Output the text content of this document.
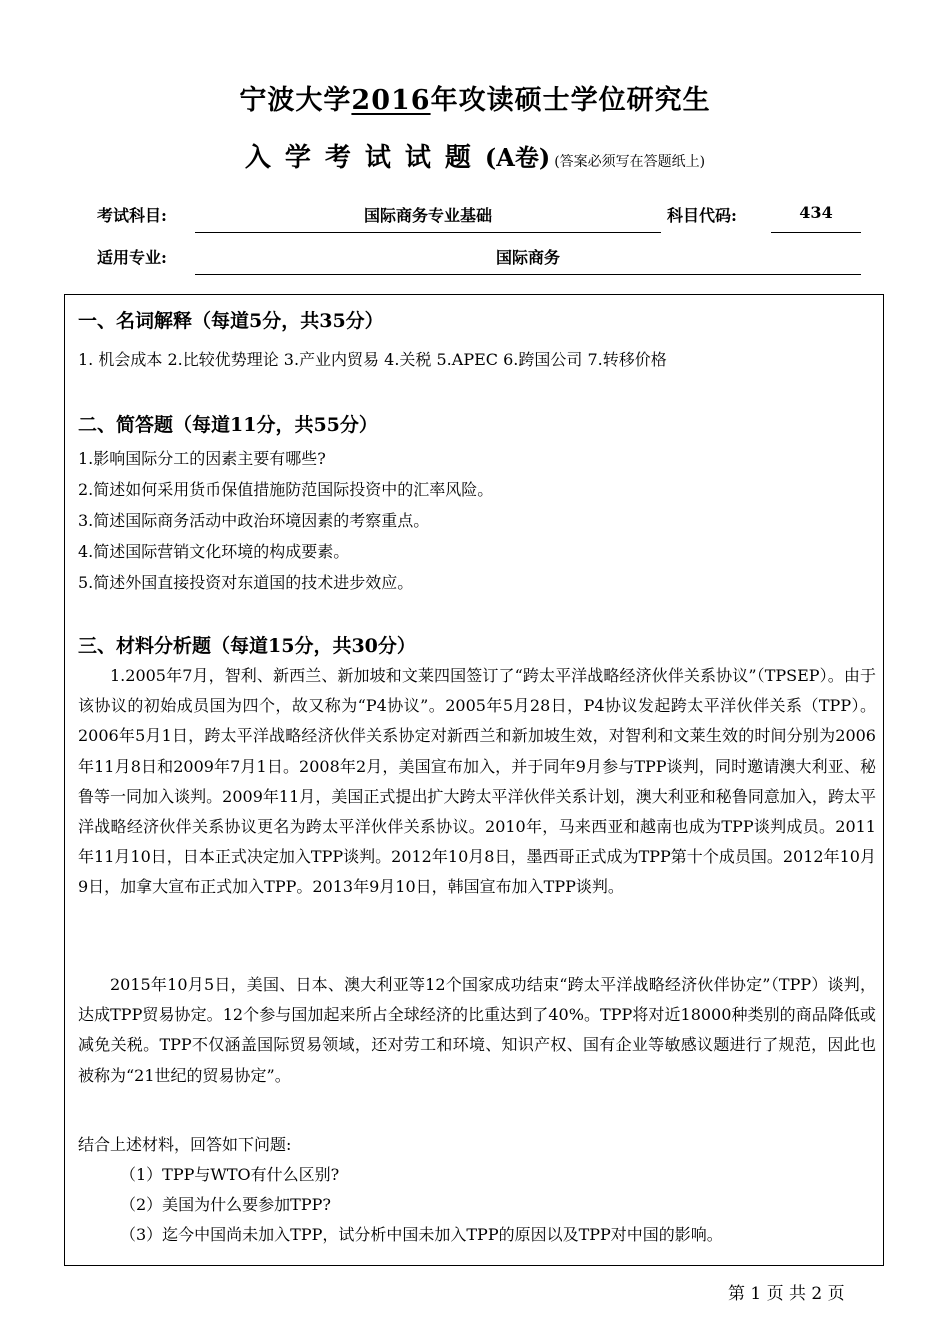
宁波大学2016年攻读硕士学位研究生
入学考试试题(A卷) (答案必须写在答题纸上)
考试科目:	国际商务专业基础	科目代码:	434
适用专业:	国际商务
一、名词解释（每道5分，共35分）
1. 机会成本 2.比较优势理论 3.产业内贸易 4.关税 5.APEC 6.跨国公司 7.转移价格
二、简答题（每道11分，共55分）
1.影响国际分工的因素主要有哪些?
2.简述如何采用货币保值措施防范国际投资中的汇率风险。
3.简述国际商务活动中政治环境因素的考察重点。
4.简述国际营销文化环境的构成要素。
5.简述外国直接投资对东道国的技术进步效应。
三、材料分析题（每道15分，共30分）

1.2005年7月，智利、新西兰、新加坡和文莱四国签订了“跨太平洋战略经济伙伴关系协议”（TPSEP）。由于该协议的初始成员国为四个，故又称为“P4协议”。2005年5月28日，P4协议发起跨太平洋伙伴关系（TPP）。2006年5月1日，跨太平洋战略经济伙伴关系协定对新西兰和新加坡生效，对智利和文莱生效的时间分别为2006年11月8日和2009年7月1日。2008年2月，美国宣布加入，并于同年9月参与TPP谈判，同时邀请澳大利亚、秘鲁等一同加入谈判。2009年11月，美国正式提出扩大跨太平洋伙伴关系计划，澳大利亚和秘鲁同意加入，跨太平洋战略经济伙伴关系协议更名为跨太平洋伙伴关系协议。2010年，马来西亚和越南也成为TPP谈判成员。2011年11月10日，日本正式决定加入TPP谈判。2012年10月8日，墨西哥正式成为TPP第十个成员国。2012年10月9日，加拿大宣布正式加入TPP。2013年9月10日，韩国宣布加入TPP谈判。

2015年10月5日，美国、日本、澳大利亚等12个国家成功结束“跨太平洋战略经济伙伴协定”（TPP）谈判，达成TPP贸易协定。12个参与国加起来所占全球经济的比重达到了40%。TPP将对近18000种类别的商品降低或减免关税。TPP不仅涵盖国际贸易领域，还对劳工和环境、知识产权、国有企业等敏感议题进行了规范，因此也被称为“21世纪的贸易协定”。

结合上述材料，回答如下问题:
（1）TPP与WTO有什么区别?
（2）美国为什么要参加TPP?
（3）迄今中国尚未加入TPP，试分析中国未加入TPP的原因以及TPP对中国的影响。
第 1 页 共 2 页
